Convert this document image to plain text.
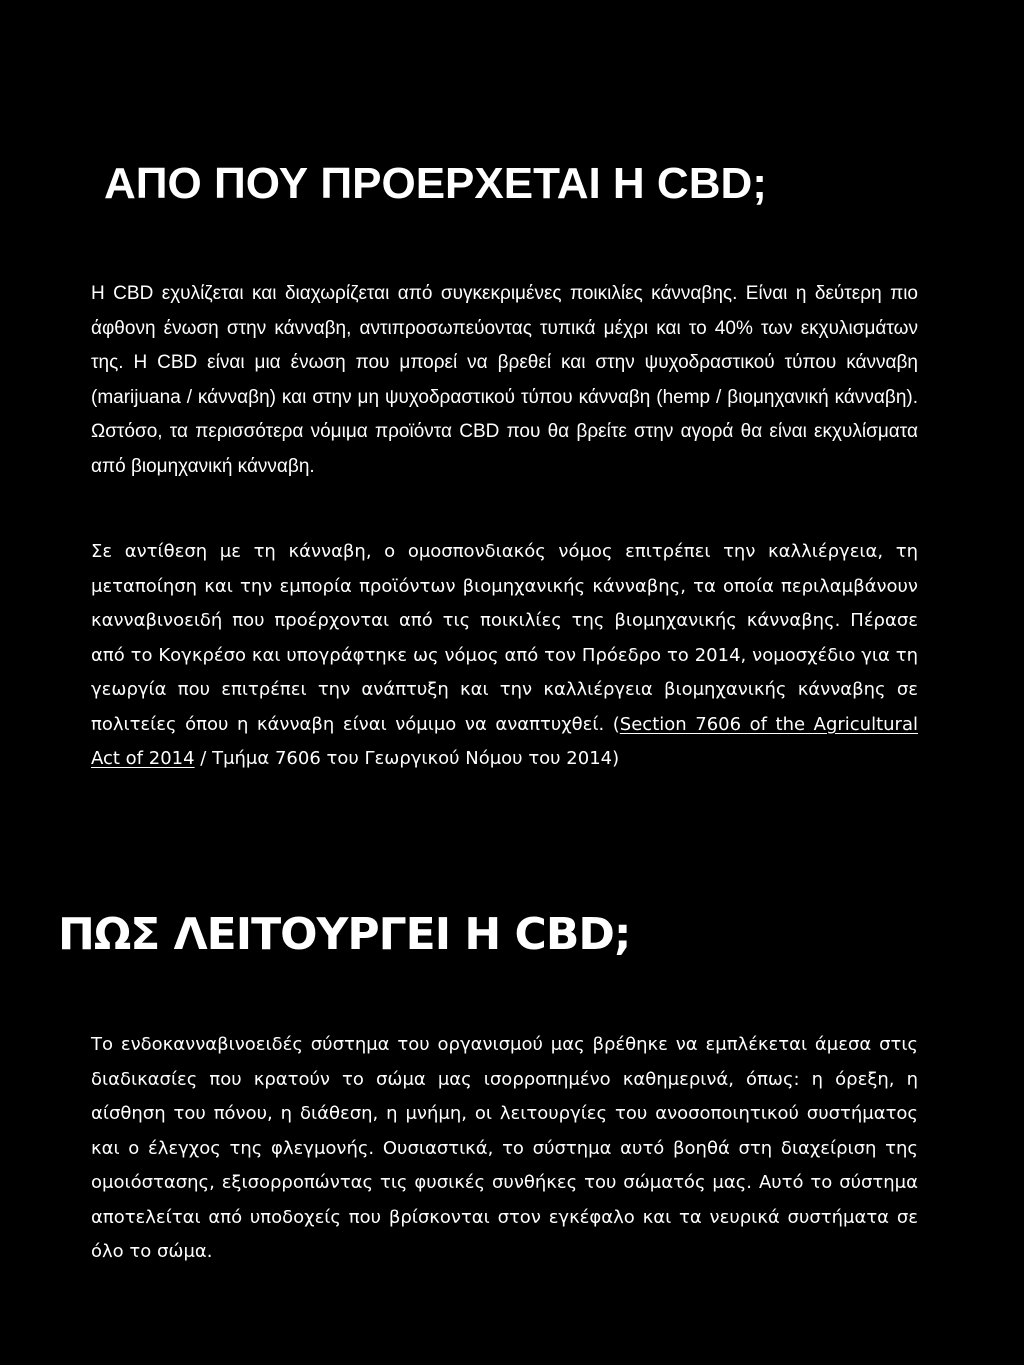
ΑΠΟ ΠΟΥ ΠΡΟΕΡΧΕΤΑΙ Η CBD;

Η CBD εχυλίζεται και διαχωρίζεται από συγκεκριμένες ποικιλίες κάνναβης. Είναι η δεύτερη πιο άφθονη ένωση στην κάνναβη, αντιπροσωπεύοντας τυπικά μέχρι και το 40% των εκχυλισμάτων της. Η CBD είναι μια ένωση που μπορεί να βρεθεί και στην ψυχοδραστικού τύπου κάνναβη (marijuana / κάνναβη) και στην μη ψυχοδραστικού τύπου κάνναβη (hemp / βιομηχανική κάνναβη). Ωστόσο, τα περισσότερα νόμιμα προϊόντα CBD που θα βρείτε στην αγορά θα είναι εκχυλίσματα από βιομηχανική κάνναβη.

Σε αντίθεση με τη κάνναβη, ο ομοσπονδιακός νόμος επιτρέπει την καλλιέργεια, τη μεταποίηση και την εμπορία προϊόντων βιομηχανικής κάνναβης, τα οποία περιλαμβάνουν κανναβινοειδή που προέρχονται από τις ποικιλίες της βιομηχανικής κάνναβης. Πέρασε από το Κογκρέσο και υπογράφτηκε ως νόμος από τον Πρόεδρο το 2014, νομοσχέδιο για τη γεωργία που επιτρέπει την ανάπτυξη και την καλλιέργεια βιομηχανικής κάνναβης σε πολιτείες όπου η κάνναβη είναι νόμιμο να αναπτυχθεί. (Section 7606 of the Agricultural Act of 2014 / Τμήμα 7606 του Γεωργικού Νόμου του 2014)

ΠΩΣ ΛΕΙΤΟΥΡΓΕΙ Η CBD;

Το ενδοκανναβινοειδές σύστημα του οργανισμού μας βρέθηκε να εμπλέκεται άμεσα στις διαδικασίες που κρατούν το σώμα μας ισορροπημένο καθημερινά, όπως: η όρεξη, η αίσθηση του πόνου, η διάθεση, η μνήμη, οι λειτουργίες του ανοσοποιητικού συστήματος και ο έλεγχος της φλεγμονής. Ουσιαστικά, το σύστημα αυτό βοηθά στη διαχείριση της ομοιόστασης, εξισορροπώντας τις φυσικές συνθήκες του σώματός μας. Αυτό το σύστημα αποτελείται από υποδοχείς που βρίσκονται στον εγκέφαλο και τα νευρικά συστήματα σε όλο το σώμα.
